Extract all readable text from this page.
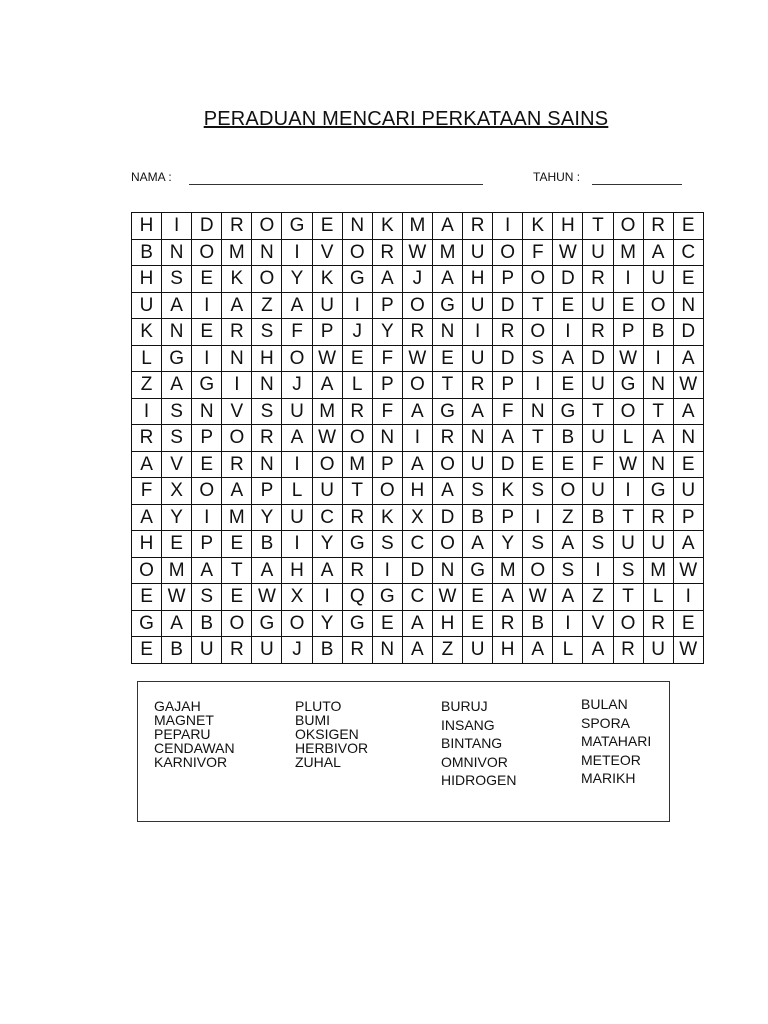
PERADUAN MENCARI PERKATAAN SAINS
NAMA :	TAHUN :
H	I	D	R	O	G	E	N	K	M	A	R	I	K	H	T	O	R	E
B	N	O	M	N	I	V	O	R	W	M	U	O	F	W	U	M	A	C
H	S	E	K	O	Y	K	G	A	J	A	H	P	O	D	R	I	U	E
U	A	I	A	Z	A	U	I	P	O	G	U	D	T	E	U	E	O	N
K	N	E	R	S	F	P	J	Y	R	N	I	R	O	I	R	P	B	D
L	G	I	N	H	O	W	E	F	W	E	U	D	S	A	D	W	I	A
Z	A	G	I	N	J	A	L	P	O	T	R	P	I	E	U	G	N	W
I	S	N	V	S	U	M	R	F	A	G	A	F	N	G	T	O	T	A
R	S	P	O	R	A	W	O	N	I	R	N	A	T	B	U	L	A	N
A	V	E	R	N	I	O	M	P	A	O	U	D	E	E	F	W	N	E
F	X	O	A	P	L	U	T	O	H	A	S	K	S	O	U	I	G	U
A	Y	I	M	Y	U	C	R	K	X	D	B	P	I	Z	B	T	R	P
H	E	P	E	B	I	Y	G	S	C	O	A	Y	S	A	S	U	U	A
O	M	A	T	A	H	A	R	I	D	N	G	M	O	S	I	S	M	W
E	W	S	E	W	X	I	Q	G	C	W	E	A	W	A	Z	T	L	I
G	A	B	O	G	O	Y	G	E	A	H	E	R	B	I	V	O	R	E
E	B	U	R	U	J	B	R	N	A	Z	U	H	A	L	A	R	U	W
GAJAH
MAGNET
PEPARU
CENDAWAN
KARNIVOR
PLUTO
BUMI
OKSIGEN
HERBIVOR
ZUHAL
BURUJ
INSANG
BINTANG
OMNIVOR
HIDROGEN
BULAN
SPORA
MATAHARI
METEOR
MARIKH
